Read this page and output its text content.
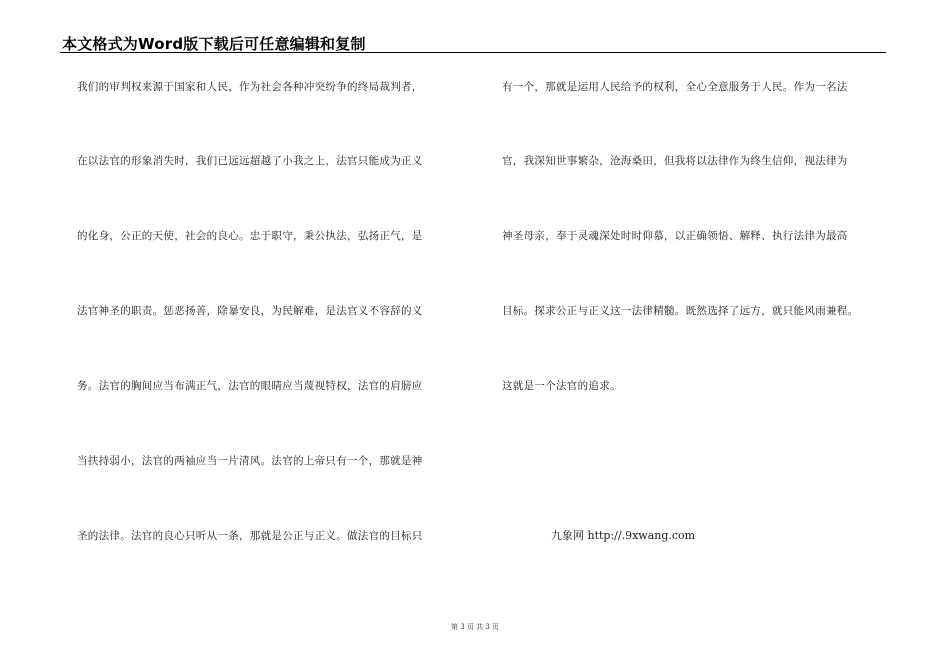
本文格式为Word版下载后可任意编辑和复制
我们的审判权来源于国家和人民，作为社会各种冲突纷争的终局裁判者，
在以法官的形象消失时，我们已远远超越了小我之上，法官只能成为正义
的化身，公正的天使，社会的良心。忠于职守，秉公执法，弘扬正气，是
法官神圣的职责。惩恶扬善，除暴安良，为民解难，是法官义不容辞的义
务。法官的胸间应当布满正气，法官的眼睛应当蔑视特权，法官的肩膀应
当扶持弱小，法官的两袖应当一片清风。法官的上帝只有一个，那就是神
圣的法律。法官的良心只听从一条，那就是公正与正义。做法官的目标只
有一个，那就是运用人民给予的权利，全心全意服务于人民。作为一名法
官，我深知世事繁杂，沧海桑田，但我将以法律作为终生信仰，视法律为
神圣母亲，奉于灵魂深处时时仰慕，以正确领悟、解释、执行法律为最高
目标。探求公正与正义这一法律精髓。既然选择了远方，就只能风雨兼程。
这就是一个法官的追求。
九象网 http://.9xwang.com
第 3 页 共 3 页
